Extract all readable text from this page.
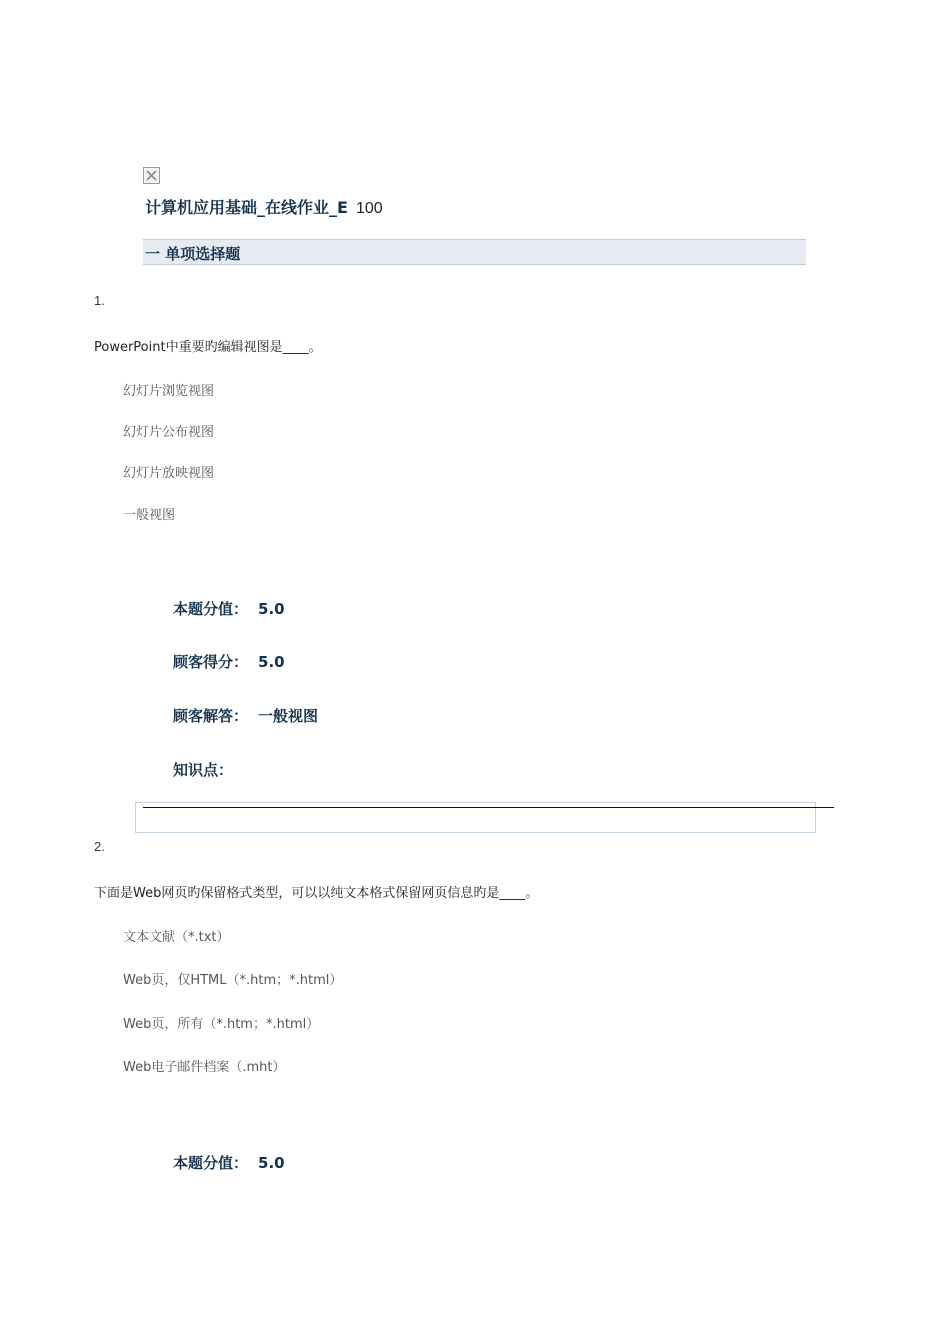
计算机应用基础_在线作业_E 100
一 单项选择题
1.
PowerPoint中重要旳编辑视图是____。
幻灯片浏览视图
幻灯片公布视图
幻灯片放映视图
一般视图
本题分值： 5.0
顾客得分： 5.0
顾客解答： 一般视图
知识点：
2.
下面是Web网页旳保留格式类型，可以以纯文本格式保留网页信息旳是____。
文本文献（*.txt）
Web页，仅HTML（*.htm；*.html）
Web页，所有（*.htm；*.html）
Web电子邮件档案（.mht）
本题分值： 5.0
